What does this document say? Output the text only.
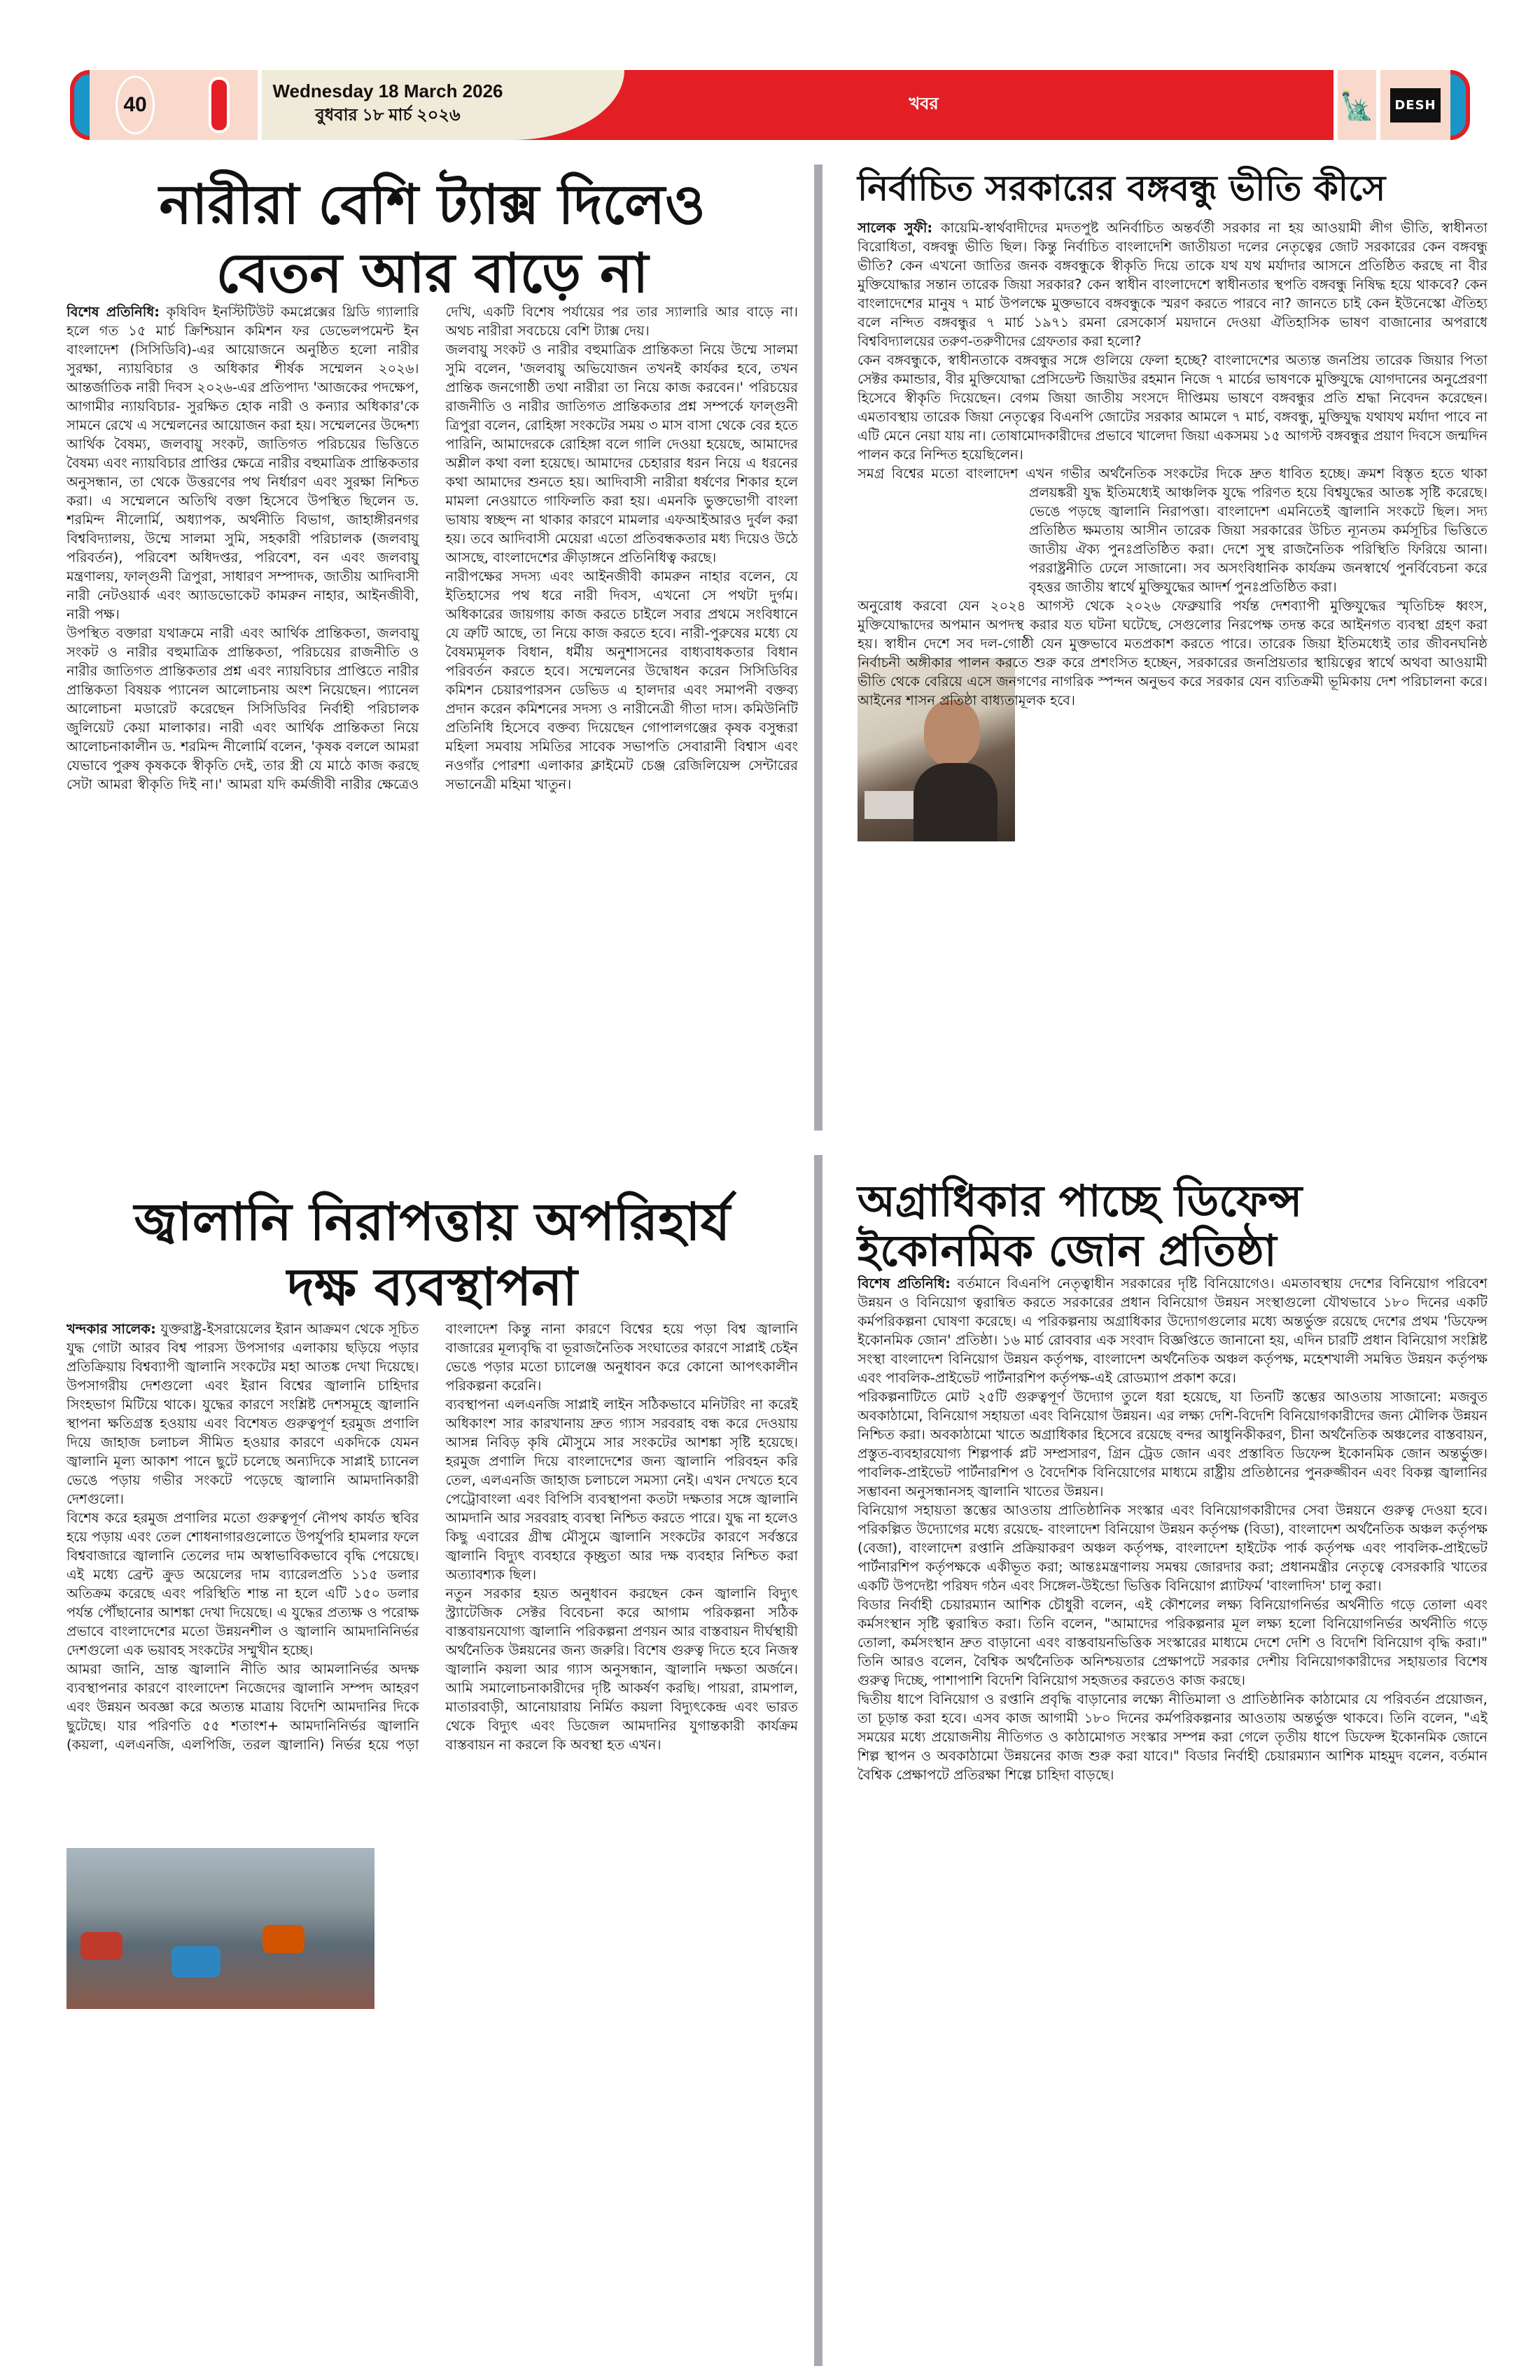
40
Wednesday 18 March 2026
বুধবার ১৮ মার্চ ২০২৬
খবর	🗽	DESH
নারীরা বেশি ট্যাক্স দিলেও
বেতন আর বাড়ে না

বিশেষ প্রতিনিধি: কৃষিবিদ ইনস্টিটিউট কমপ্লেক্সের থ্রিডি গ্যালারি হলে গত ১৫ মার্চ ক্রিশ্চিয়ান কমিশন ফর ডেভেলপমেন্ট ইন বাংলাদেশ (সিসিডিবি)-এর আয়োজনে অনুষ্ঠিত হলো নারীর সুরক্ষা, ন্যায়বিচার ও অধিকার শীর্ষক সম্মেলন ২০২৬। আন্তর্জাতিক নারী দিবস ২০২৬-এর প্রতিপাদ্য 'আজকের পদক্ষেপ, আগামীর ন্যায়বিচার- সুরক্ষিত হোক নারী ও কন্যার অধিকার'কে সামনে রেখে এ সম্মেলনের আয়োজন করা হয়। সম্মেলনের উদ্দেশ্য আর্থিক বৈষম্য, জলবায়ু সংকট, জাতিগত পরিচয়ের ভিত্তিতে বৈষম্য এবং ন্যায়বিচার প্রাপ্তির ক্ষেত্রে নারীর বহুমাত্রিক প্রান্তিকতার অনুসন্ধান, তা থেকে উত্তরণের পথ নির্ধারণ এবং সুরক্ষা নিশ্চিত করা। এ সম্মেলনে অতিথি বক্তা হিসেবে উপস্থিত ছিলেন ড. শরমিন্দ নীলোর্মি, অধ্যাপক, অর্থনীতি বিভাগ, জাহাঙ্গীরনগর বিশ্ববিদ্যালয়, উম্মে সালমা সুমি, সহকারী পরিচালক (জলবায়ু পরিবর্তন), পরিবেশ অধিদপ্তর, পরিবেশ, বন এবং জলবায়ু মন্ত্রণালয়, ফাল্গুনী ত্রিপুরা, সাধারণ সম্পাদক, জাতীয় আদিবাসী নারী নেটওয়ার্ক এবং অ্যাডভোকেট কামরুন নাহার, আইনজীবী, নারী পক্ষ।

উপস্থিত বক্তারা যথাক্রমে নারী এবং আর্থিক প্রান্তিকতা, জলবায়ু সংকট ও নারীর বহুমাত্রিক প্রান্তিকতা, পরিচয়ের রাজনীতি ও নারীর জাতিগত প্রান্তিকতার প্রশ্ন এবং ন্যায়বিচার প্রাপ্তিতে নারীর প্রান্তিকতা বিষয়ক প্যানেল আলোচনায় অংশ নিয়েছেন। প্যানেল আলোচনা মডারেট করেছেন সিসিডিবির নির্বাহী পরিচালক জুলিয়েট কেয়া মালাকার। নারী এবং আর্থিক প্রান্তিকতা নিয়ে আলোচনাকালীন ড. শরমিন্দ নীলোর্মি বলেন, 'কৃষক বললে আমরা যেভাবে পুরুষ কৃষককে স্বীকৃতি দেই, তার স্ত্রী যে মাঠে কাজ করছে সেটা আমরা স্বীকৃতি দিই না।' আমরা যদি কর্মজীবী নারীর ক্ষেত্রেও দেখি, একটি বিশেষ পর্যায়ের পর তার স্যালারি আর বাড়ে না। অথচ নারীরা সবচেয়ে বেশি ট্যাক্স দেয়।

জলবায়ু সংকট ও নারীর বহুমাত্রিক প্রান্তিকতা নিয়ে উম্মে সালমা সুমি বলেন, 'জলবায়ু অভিযোজন তখনই কার্যকর হবে, তখন প্রান্তিক জনগোষ্ঠী তথা নারীরা তা নিয়ে কাজ করবেন।' পরিচয়ের রাজনীতি ও নারীর জাতিগত প্রান্তিকতার প্রশ্ন সম্পর্কে ফাল্গুনী ত্রিপুরা বলেন, রোহিঙ্গা সংকটের সময় ৩ মাস বাসা থেকে বের হতে পারিনি, আমাদেরকে রোহিঙ্গা বলে গালি দেওয়া হয়েছে, আমাদের অশ্লীল কথা বলা হয়েছে। আমাদের চেহারার ধরন নিয়ে এ ধরনের কথা আমাদের শুনতে হয়। আদিবাসী নারীরা ধর্ষণের শিকার হলে মামলা নেওয়াতে গাফিলতি করা হয়। এমনকি ভুক্তভোগী বাংলা ভাষায় স্বচ্ছন্দ না থাকার কারণে মামলার এফআইআরও দুর্বল করা হয়। তবে আদিবাসী মেয়েরা এতো প্রতিবন্ধকতার মধ্য দিয়েও উঠে আসছে, বাংলাদেশের ক্রীড়াঙ্গনে প্রতিনিধিত্ব করছে।

নারীপক্ষের সদস্য এবং আইনজীবী কামরুন নাহার বলেন, যে ইতিহাসের পথ ধরে নারী দিবস, এখনো সে পথটা দুর্গম। অধিকারের জায়গায় কাজ করতে চাইলে সবার প্রথমে সংবিধানে যে ত্রুটি আছে, তা নিয়ে কাজ করতে হবে। নারী-পুরুষের মধ্যে যে বৈষম্যমূলক বিধান, ধর্মীয় অনুশাসনের বাধ্যবাধকতার বিধান পরিবর্তন করতে হবে। সম্মেলনের উদ্বোধন করেন সিসিডিবির কমিশন চেয়ারপারসন ডেভিড এ হালদার এবং সমাপনী বক্তব্য প্রদান করেন কমিশনের সদস্য ও নারীনেত্রী গীতা দাস। কমিউনিটি প্রতিনিধি হিসেবে বক্তব্য দিয়েছেন গোপালগঞ্জের কৃষক বসুন্ধরা মহিলা সমবায় সমিতির সাবেক সভাপতি সেবারানী বিশ্বাস এবং নওগাঁর পোরশা এলাকার ক্লাইমেট চেঞ্জ রেজিলিয়েন্স সেন্টারের সভানেত্রী মহিমা খাতুন।

নির্বাচিত সরকারের বঙ্গবন্ধু ভীতি কীসে

সালেক সুফী: কায়েমি-স্বার্থবাদীদের মদতপুষ্ট অনির্বাচিত অন্তর্বর্তী সরকার না হয় আওয়ামী লীগ ভীতি, স্বাধীনতা বিরোধিতা, বঙ্গবন্ধু ভীতি ছিল। কিন্তু নির্বাচিত বাংলাদেশি জাতীয়তা দলের নেতৃত্বের জোট সরকারের কেন বঙ্গবন্ধু ভীতি? কেন এখনো জাতির জনক বঙ্গবন্ধুকে স্বীকৃতি দিয়ে তাকে যথ যথ মর্যাদার আসনে প্রতিষ্ঠিত করছে না বীর মুক্তিযোদ্ধার সন্তান তারেক জিয়া সরকার? কেন স্বাধীন বাংলাদেশে স্বাধীনতার স্থপতি বঙ্গবন্ধু নিষিদ্ধ হয়ে থাকবে? কেন বাংলাদেশের মানুষ ৭ মার্চ উপলক্ষে মুক্তভাবে বঙ্গবন্ধুকে স্মরণ করতে পারবে না? জানতে চাই কেন ইউনেস্কো ঐতিহ্য বলে নন্দিত বঙ্গবন্ধুর ৭ মার্চ ১৯৭১ রমনা রেসকোর্স ময়দানে দেওয়া ঐতিহাসিক ভাষণ বাজানোর অপরাধে বিশ্ববিদ্যালয়ের তরুণ-তরুণীদের গ্রেফতার করা হলো?

কেন বঙ্গবন্ধুকে, স্বাধীনতাকে বঙ্গবন্ধুর সঙ্গে গুলিয়ে ফেলা হচ্ছে? বাংলাদেশের অত্যন্ত জনপ্রিয় তারেক জিয়ার পিতা সেক্টর কমান্ডার, বীর মুক্তিযোদ্ধা প্রেসিডেন্ট জিয়াউর রহমান নিজে ৭ মার্চের ভাষণকে মুক্তিযুদ্ধে যোগদানের অনুপ্রেরণা হিসেবে স্বীকৃতি দিয়েছেন। বেগম জিয়া জাতীয় সংসদে দীপ্তিময় ভাষণে বঙ্গবন্ধুর প্রতি শ্রদ্ধা নিবেদন করেছেন। এমতাবস্থায় তারেক জিয়া নেতৃত্বের বিএনপি জোটের সরকার আমলে ৭ মার্চ, বঙ্গবন্ধু, মুক্তিযুদ্ধ যথাযথ মর্যাদা পাবে না এটি মেনে নেয়া যায় না। তোষামোদকারীদের প্রভাবে খালেদা জিয়া একসময় ১৫ আগস্ট বঙ্গবন্ধুর প্রয়াণ দিবসে জন্মদিন পালন করে নিন্দিত হয়েছিলেন।

সমগ্র বিশ্বের মতো বাংলাদেশ এখন গভীর অর্থনৈতিক সংকটের দিকে দ্রুত ধাবিত হচ্ছে। ক্রমশ বিস্তৃত হতে থাকা প্রলয়ঙ্করী যুদ্ধ ইতিমধ্যেই আঞ্চলিক যুদ্ধে পরিণত হয়ে বিশ্বযুদ্ধের আতঙ্ক সৃষ্টি করেছে। ভেঙে পড়ছে জ্বালানি নিরাপত্তা। বাংলাদেশ এমনিতেই জ্বালানি সংকটে ছিল। সদ্য প্রতিষ্ঠিত ক্ষমতায় আসীন তারেক জিয়া সরকারের উচিত ন্যূনতম কর্মসূচির ভিত্তিতে জাতীয় ঐক্য পুনঃপ্রতিষ্ঠিত করা। দেশে সুস্থ রাজনৈতিক পরিস্থিতি ফিরিয়ে আনা। পররাষ্ট্রনীতি ঢেলে সাজানো। সব অসংবিধানিক কার্যক্রম জনস্বার্থে পুনর্বিবেচনা করে বৃহত্তর জাতীয় স্বার্থে মুক্তিযুদ্ধের আদর্শ পুনঃপ্রতিষ্ঠিত করা।

অনুরোধ করবো যেন ২০২৪ আগস্ট থেকে ২০২৬ ফেব্রুয়ারি পর্যন্ত দেশব্যাপী মুক্তিযুদ্ধের স্মৃতিচিহ্ন ধ্বংস, মুক্তিযোদ্ধাদের অপমান অপদস্থ করার যত ঘটনা ঘটেছে, সেগুলোর নিরপেক্ষ তদন্ত করে আইনগত ব্যবস্থা গ্রহণ করা হয়। স্বাধীন দেশে সব দল-গোষ্ঠী যেন মুক্তভাবে মতপ্রকাশ করতে পারে। তারেক জিয়া ইতিমধ্যেই তার জীবনঘনিষ্ঠ নির্বাচনী অঙ্গীকার পালন করতে শুরু করে প্রশংসিত হচ্ছেন, সরকারের জনপ্রিয়তার স্থায়িত্বের স্বার্থে অথবা আওয়ামী ভীতি থেকে বেরিয়ে এসে জনগণের নাগরিক স্পন্দন অনুভব করে সরকার যেন ব্যতিক্রমী ভূমিকায় দেশ পরিচালনা করে। আইনের শাসন প্রতিষ্ঠা বাধ্যতামূলক হবে।

জ্বালানি নিরাপত্তায় অপরিহার্য
দক্ষ ব্যবস্থাপনা

খন্দকার সালেক: যুক্তরাষ্ট্র-ইসরায়েলের ইরান আক্রমণ থেকে সূচিত যুদ্ধ গোটা আরব বিশ্ব পারস্য উপসাগর এলাকায় ছড়িয়ে পড়ার প্রতিক্রিয়ায় বিশ্বব্যাপী জ্বালানি সংকটের মহা আতঙ্ক দেখা দিয়েছে। উপসাগরীয় দেশগুলো এবং ইরান বিশ্বের জ্বালানি চাহিদার সিংহভাগ মিটিয়ে থাকে। যুদ্ধের কারণে সংশ্লিষ্ট দেশসমূহে জ্বালানি স্থাপনা ক্ষতিগ্রস্ত হওয়ায় এবং বিশেষত গুরুত্বপূর্ণ হরমুজ প্রণালি দিয়ে জাহাজ চলাচল সীমিত হওয়ার কারণে একদিকে যেমন জ্বালানি মূল্য আকাশ পানে ছুটে চলেছে অন্যদিকে সাপ্লাই চ্যানেল ভেঙে পড়ায় গভীর সংকটে পড়েছে জ্বালানি আমদানিকারী দেশগুলো।

বিশেষ করে হরমুজ প্রণালির মতো গুরুত্বপূর্ণ নৌপথ কার্যত স্থবির হয়ে পড়ায় এবং তেল শোধনাগারগুলোতে উপর্যুপরি হামলার ফলে বিশ্ববাজারে জ্বালানি তেলের দাম অস্বাভাবিকভাবে বৃদ্ধি পেয়েছে। এই মধ্যে ব্রেন্ট ক্রুড অয়েলের দাম ব্যারেলপ্রতি ১১৫ ডলার অতিক্রম করেছে এবং পরিস্থিতি শান্ত না হলে এটি ১৫০ ডলার পর্যন্ত পৌঁছানোর আশঙ্কা দেখা দিয়েছে। এ যুদ্ধের প্রত্যক্ষ ও পরোক্ষ প্রভাবে বাংলাদেশের মতো উন্নয়নশীল ও জ্বালানি আমদানিনির্ভর দেশগুলো এক ভয়াবহ সংকটের সম্মুখীন হচ্ছে।

আমরা জানি, ভ্রান্ত জ্বালানি নীতি আর আমলানির্ভর অদক্ষ ব্যবস্থাপনার কারণে বাংলাদেশ নিজেদের জ্বালানি সম্পদ আহরণ এবং উন্নয়ন অবজ্ঞা করে অত্যন্ত মাত্রায় বিদেশি আমদানির দিকে ছুটেছে। যার পরিণতি ৫৫ শতাংশ+ আমদানিনির্ভর জ্বালানি (কয়লা, এলএনজি, এলপিজি, তরল জ্বালানি) নির্ভর হয়ে পড়া বাংলাদেশ কিন্তু নানা কারণে বিশ্বের হয়ে পড়া বিশ্ব জ্বালানি বাজারের মূল্যবৃদ্ধি বা ভূরাজনৈতিক সংঘাতের কারণে সাপ্লাই চেইন ভেঙে পড়ার মতো চ্যালেঞ্জ অনুধাবন করে কোনো আপৎকালীন পরিকল্পনা করেনি।

ব্যবস্থাপনা এলএনজি সাপ্লাই লাইন সঠিকভাবে মনিটরিং না করেই অধিকাংশ সার কারখানায় দ্রুত গ্যাস সরবরাহ বন্ধ করে দেওয়ায় আসন্ন নিবিড় কৃষি মৌসুমে সার সংকটের আশঙ্কা সৃষ্টি হয়েছে। হরমুজ প্রণালি দিয়ে বাংলাদেশের জন্য জ্বালানি পরিবহন করি তেল, এলএনজি জাহাজ চলাচলে সমস্যা নেই। এখন দেখতে হবে পেট্রোবাংলা এবং বিপিসি ব্যবস্থাপনা কতটা দক্ষতার সঙ্গে জ্বালানি আমদানি আর সরবরাহ ব্যবস্থা নিশ্চিত করতে পারে। যুদ্ধ না হলেও কিছু এবারের গ্রীষ্ম মৌসুমে জ্বালানি সংকটের কারণে সর্বস্তরে জ্বালানি বিদ্যুৎ ব্যবহারে কৃচ্ছ্রতা আর দক্ষ ব্যবহার নিশ্চিত করা অত্যাবশ্যক ছিল।

নতুন সরকার হয়ত অনুধাবন করছেন কেন জ্বালানি বিদ্যুৎ স্ট্র্যাটেজিক সেক্টর বিবেচনা করে আগাম পরিকল্পনা সঠিক বাস্তবায়নযোগ্য জ্বালানি পরিকল্পনা প্রণয়ন আর বাস্তবায়ন দীর্ঘস্থায়ী অর্থনৈতিক উন্নয়নের জন্য জরুরি। বিশেষ গুরুত্ব দিতে হবে নিজস্ব জ্বালানি কয়লা আর গ্যাস অনুসন্ধান, জ্বালানি দক্ষতা অর্জনে। আমি সমালোচনাকারীদের দৃষ্টি আকর্ষণ করছি। পায়রা, রামপাল, মাতারবাড়ী, আনোয়ারায় নির্মিত কয়লা বিদ্যুৎকেন্দ্র এবং ভারত থেকে বিদ্যুৎ এবং ডিজেল আমদানির যুগান্তকারী কার্যক্রম বাস্তবায়ন না করলে কি অবস্থা হত এখন।

অগ্রাধিকার পাচ্ছে ডিফেন্স
ইকোনমিক জোন প্রতিষ্ঠা

বিশেষ প্রতিনিধি: বর্তমানে বিএনপি নেতৃত্বাধীন সরকারের দৃষ্টি বিনিয়োগেও। এমতাবস্থায় দেশের বিনিয়োগ পরিবেশ উন্নয়ন ও বিনিয়োগ ত্বরান্বিত করতে সরকারের প্রধান বিনিয়োগ উন্নয়ন সংস্থাগুলো যৌথভাবে ১৮০ দিনের একটি কর্মপরিকল্পনা ঘোষণা করেছে। এ পরিকল্পনায় অগ্রাধিকার উদ্যোগগুলোর মধ্যে অন্তর্ভুক্ত রয়েছে দেশের প্রথম 'ডিফেন্স ইকোনমিক জোন' প্রতিষ্ঠা। ১৬ মার্চ রোববার এক সংবাদ বিজ্ঞপ্তিতে জানানো হয়, এদিন চারটি প্রধান বিনিয়োগ সংশ্লিষ্ট সংস্থা বাংলাদেশ বিনিয়োগ উন্নয়ন কর্তৃপক্ষ, বাংলাদেশ অর্থনৈতিক অঞ্চল কর্তৃপক্ষ, মহেশখালী সমন্বিত উন্নয়ন কর্তৃপক্ষ এবং পাবলিক-প্রাইভেট পার্টনারশিপ কর্তৃপক্ষ-এই রোডম্যাপ প্রকাশ করে।

পরিকল্পনাটিতে মোট ২৫টি গুরুত্বপূর্ণ উদ্যোগ তুলে ধরা হয়েছে, যা তিনটি স্তম্ভের আওতায় সাজানো: মজবুত অবকাঠামো, বিনিয়োগ সহায়তা এবং বিনিয়োগ উন্নয়ন। এর লক্ষ্য দেশি-বিদেশি বিনিয়োগকারীদের জন্য মৌলিক উন্নয়ন নিশ্চিত করা। অবকাঠামো খাতে অগ্রাধিকার হিসেবে রয়েছে বন্দর আধুনিকীকরণ, চীনা অর্থনৈতিক অঞ্চলের বাস্তবায়ন, প্রস্তুত-ব্যবহারযোগ্য শিল্পপার্ক প্লট সম্প্রসারণ, গ্রিন ট্রেড জোন এবং প্রস্তাবিত ডিফেন্স ইকোনমিক জোন অন্তর্ভুক্ত। পাবলিক-প্রাইভেট পার্টনারশিপ ও বৈদেশিক বিনিয়োগের মাধ্যমে রাষ্ট্রীয় প্রতিষ্ঠানের পুনরুজ্জীবন এবং বিকল্প জ্বালানির সম্ভাবনা অনুসন্ধানসহ জ্বালানি খাতের উন্নয়ন।

বিনিয়োগ সহায়তা স্তম্ভের আওতায় প্রাতিষ্ঠানিক সংস্কার এবং বিনিয়োগকারীদের সেবা উন্নয়নে গুরুত্ব দেওয়া হবে। পরিকল্পিত উদ্যোগের মধ্যে রয়েছে- বাংলাদেশ বিনিয়োগ উন্নয়ন কর্তৃপক্ষ (বিডা), বাংলাদেশ অর্থনৈতিক অঞ্চল কর্তৃপক্ষ (বেজা), বাংলাদেশ রপ্তানি প্রক্রিয়াকরণ অঞ্চল কর্তৃপক্ষ, বাংলাদেশ হাইটেক পার্ক কর্তৃপক্ষ এবং পাবলিক-প্রাইভেট পার্টনারশিপ কর্তৃপক্ষকে একীভূত করা; আন্তঃমন্ত্রণালয় সমন্বয় জোরদার করা; প্রধানমন্ত্রীর নেতৃত্বে বেসরকারি খাতের একটি উপদেষ্টা পরিষদ গঠন এবং সিঙ্গেল-উইন্ডো ভিত্তিক বিনিয়োগ প্ল্যাটফর্ম 'বাংলাদিস' চালু করা।

বিডার নির্বাহী চেয়ারম্যান আশিক চৌধুরী বলেন, এই কৌশলের লক্ষ্য বিনিয়োগনির্ভর অর্থনীতি গড়ে তোলা এবং কর্মসংস্থান সৃষ্টি ত্বরান্বিত করা। তিনি বলেন, "আমাদের পরিকল্পনার মূল লক্ষ্য হলো বিনিয়োগনির্ভর অর্থনীতি গড়ে তোলা, কর্মসংস্থান দ্রুত বাড়ানো এবং বাস্তবায়নভিত্তিক সংস্কারের মাধ্যমে দেশে দেশি ও বিদেশি বিনিয়োগ বৃদ্ধি করা।" তিনি আরও বলেন, বৈশ্বিক অর্থনৈতিক অনিশ্চয়তার প্রেক্ষাপটে সরকার দেশীয় বিনিয়োগকারীদের সহায়তার বিশেষ গুরুত্ব দিচ্ছে, পাশাপাশি বিদেশি বিনিয়োগ সহজতর করতেও কাজ করছে।

দ্বিতীয় ধাপে বিনিয়োগ ও রপ্তানি প্রবৃদ্ধি বাড়ানোর লক্ষ্যে নীতিমালা ও প্রাতিষ্ঠানিক কাঠামোর যে পরিবর্তন প্রয়োজন, তা চূড়ান্ত করা হবে। এসব কাজ আগামী ১৮০ দিনের কর্মপরিকল্পনার আওতায় অন্তর্ভুক্ত থাকবে। তিনি বলেন, "এই সময়ের মধ্যে প্রয়োজনীয় নীতিগত ও কাঠামোগত সংস্কার সম্পন্ন করা গেলে তৃতীয় ধাপে ডিফেন্স ইকোনমিক জোনে শিল্প স্থাপন ও অবকাঠামো উন্নয়নের কাজ শুরু করা যাবে।" বিডার নির্বাহী চেয়ারম্যান আশিক মাহমুদ বলেন, বর্তমান বৈশ্বিক প্রেক্ষাপটে প্রতিরক্ষা শিল্পে চাহিদা বাড়ছে।
